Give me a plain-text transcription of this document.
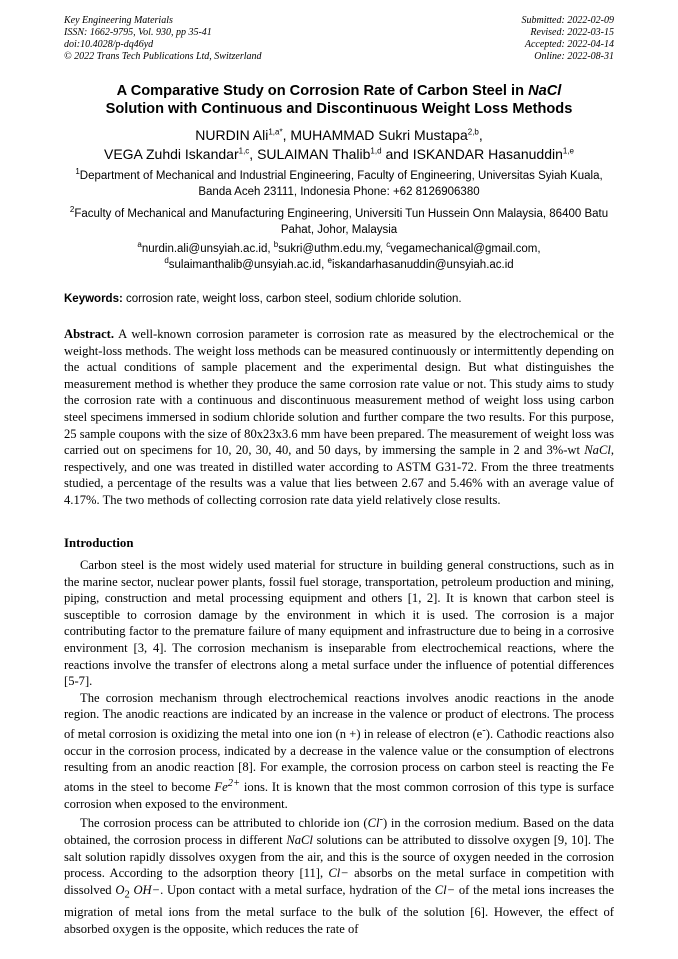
Key Engineering Materials
ISSN: 1662-9795, Vol. 930, pp 35-41
doi:10.4028/p-dq46yd
© 2022 Trans Tech Publications Ltd, Switzerland
Submitted: 2022-02-09
Revised: 2022-03-15
Accepted: 2022-04-14
Online: 2022-08-31
A Comparative Study on Corrosion Rate of Carbon Steel in NaCl
Solution with Continuous and Discontinuous Weight Loss Methods
NURDIN Ali$^{1,a*}$, MUHAMMAD Sukri Mustapa$^{2,b}$,
VEGA Zuhdi Iskandar$^{1,c}$, SULAIMAN Thalib$^{1,d}$ and ISKANDAR Hasanuddin$^{1,e}$
$^1$Department of Mechanical and Industrial Engineering, Faculty of Engineering, Universitas Syiah Kuala, Banda Aceh 23111, Indonesia Phone: +62 8126906380
$^2$Faculty of Mechanical and Manufacturing Engineering, Universiti Tun Hussein Onn Malaysia, 86400 Batu Pahat, Johor, Malaysia
$^a$nurdin.ali@unsyiah.ac.id, $^b$sukri@uthm.edu.my, $^c$vegamechanical@gmail.com,
$^d$sulaimanthalib@unsyiah.ac.id, $^e$iskandarhasanuddin@unsyiah.ac.id
Keywords: corrosion rate, weight loss, carbon steel, sodium chloride solution.
Abstract. A well-known corrosion parameter is corrosion rate as measured by the electrochemical or the weight-loss methods. The weight loss methods can be measured continuously or intermittently depending on the actual conditions of sample placement and the experimental design. But what distinguishes the measurement method is whether they produce the same corrosion rate value or not. This study aims to study the corrosion rate with a continuous and discontinuous measurement method of weight loss using carbon steel specimens immersed in sodium chloride solution and further compare the two results. For this purpose, 25 sample coupons with the size of 80x23x3.6 mm have been prepared. The measurement of weight loss was carried out on specimens for 10, 20, 30, 40, and 50 days, by immersing the sample in 2 and 3%-wt NaCl, respectively, and one was treated in distilled water according to ASTM G31-72. From the three treatments studied, a percentage of the results was a value that lies between 2.67 and 5.46% with an average value of 4.17%. The two methods of collecting corrosion rate data yield relatively close results.
Introduction

Carbon steel is the most widely used material for structure in building general constructions, such as in the marine sector, nuclear power plants, fossil fuel storage, transportation, petroleum production and mining, piping, construction and metal processing equipment and others [1, 2]. It is known that carbon steel is susceptible to corrosion damage by the environment in which it is used. The corrosion is a major contributing factor to the premature failure of many equipment and infrastructure due to being in a corrosive environment [3, 4]. The corrosion mechanism is inseparable from electrochemical reactions, where the reactions involve the transfer of electrons along a metal surface under the influence of potential differences [5-7].

The corrosion mechanism through electrochemical reactions involves anodic reactions in the anode region. The anodic reactions are indicated by an increase in the valence or product of electrons. The process of metal corrosion is oxidizing the metal into one ion (n +) in release of electron (e-). Cathodic reactions also occur in the corrosion process, indicated by a decrease in the valence value or the consumption of electrons resulting from an anodic reaction [8]. For example, the corrosion process on carbon steel is reacting the Fe atoms in the steel to become $Fe^{2+}$ ions. It is known that the most common corrosion of this type is surface corrosion when exposed to the environment.

The corrosion process can be attributed to chloride ion (Cl-) in the corrosion medium. Based on the data obtained, the corrosion process in different NaCl solutions can be attributed to dissolve oxygen [9, 10]. The salt solution rapidly dissolves oxygen from the air, and this is the source of oxygen needed in the corrosion process. According to the adsorption theory [11], Cl− absorbs on the metal surface in competition with dissolved $O_2$ OH−. Upon contact with a metal surface, hydration of the Cl− of the metal ions increases the migration of metal ions from the metal surface to the bulk of the solution [6]. However, the effect of absorbed oxygen is the opposite, which reduces the rate of
